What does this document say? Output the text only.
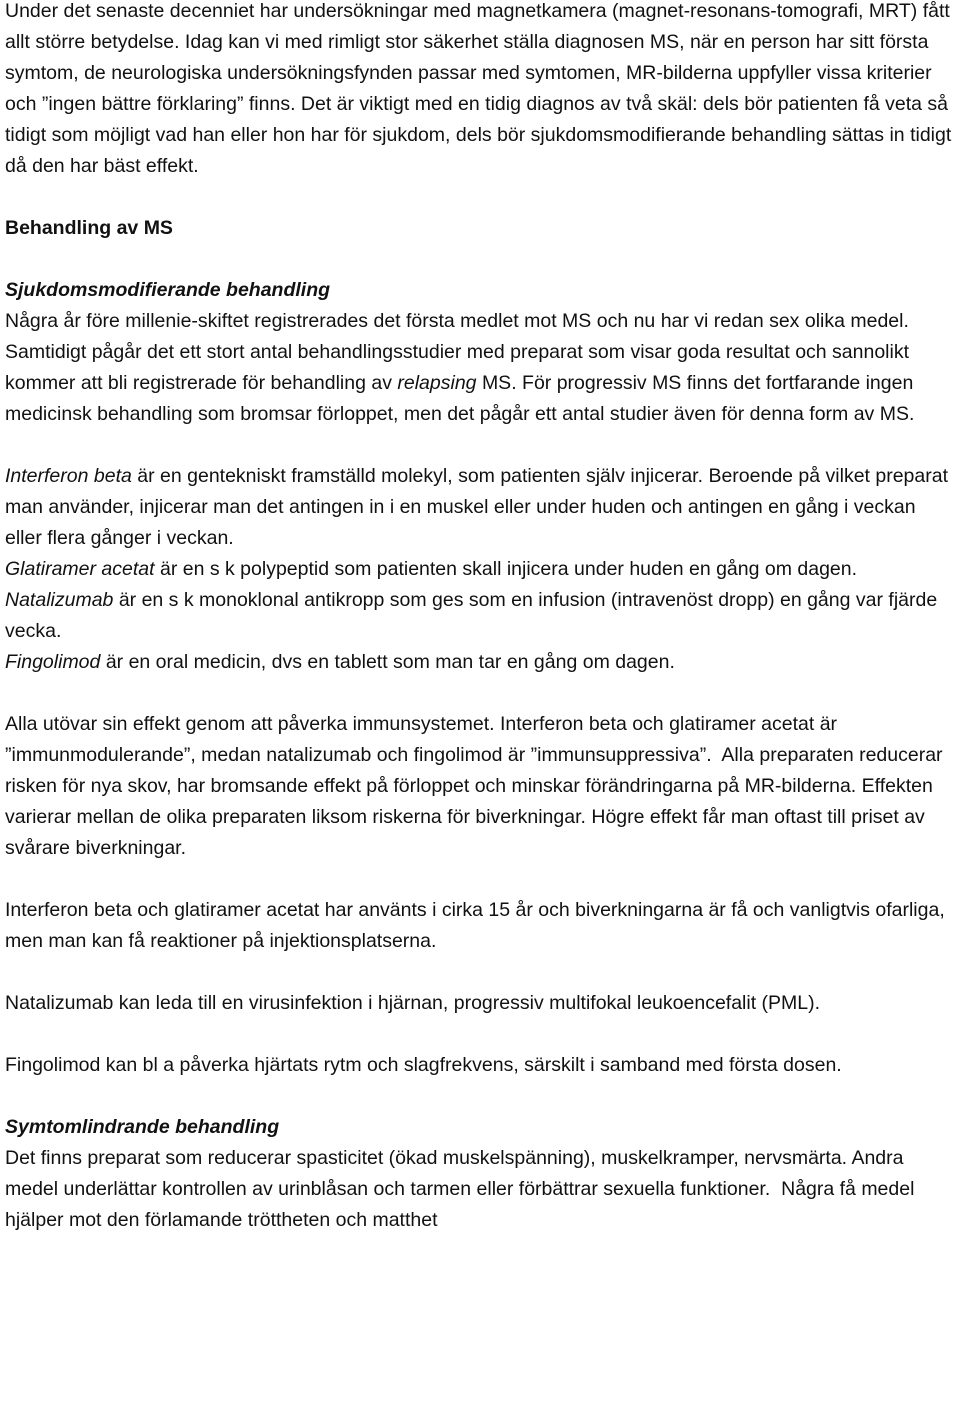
Under det senaste decenniet har undersökningar med magnetkamera (magnet-resonans-tomografi, MRT) fått allt större betydelse. Idag kan vi med rimligt stor säkerhet ställa diagnosen MS, när en person har sitt första symtom, de neurologiska undersökningsfynden passar med symtomen, MR-bilderna uppfyller vissa kriterier och ”ingen bättre förklaring” finns. Det är viktigt med en tidig diagnos av två skäl: dels bör patienten få veta så tidigt som möjligt vad han eller hon har för sjukdom, dels bör sjukdomsmodifierande behandling sättas in tidigt då den har bäst effekt.

Behandling av MS

Sjukdomsmodifierande behandling

Några år före millenie-skiftet registrerades det första medlet mot MS och nu har vi redan sex olika medel. Samtidigt pågår det ett stort antal behandlingsstudier med preparat som visar goda resultat och sannolikt kommer att bli registrerade för behandling av relapsing MS. För progressiv MS finns det fortfarande ingen medicinsk behandling som bromsar förloppet, men det pågår ett antal studier även för denna form av MS.

Interferon beta är en gentekniskt framställd molekyl, som patienten själv injicerar. Beroende på vilket preparat man använder, injicerar man det antingen in i en muskel eller under huden och antingen en gång i veckan eller flera gånger i veckan.

Glatiramer acetat är en s k polypeptid som patienten skall injicera under huden en gång om dagen.

Natalizumab är en s k monoklonal antikropp som ges som en infusion (intravenöst dropp) en gång var fjärde vecka.

Fingolimod är en oral medicin, dvs en tablett som man tar en gång om dagen.

Alla utövar sin effekt genom att påverka immunsystemet. Interferon beta och glatiramer acetat är ”immunmodulerande”, medan natalizumab och fingolimod är ”immunsuppressiva”. Alla preparaten reducerar risken för nya skov, har bromsande effekt på förloppet och minskar förändringarna på MR-bilderna. Effekten varierar mellan de olika preparaten liksom riskerna för biverkningar. Högre effekt får man oftast till priset av svårare biverkningar.

Interferon beta och glatiramer acetat har använts i cirka 15 år och biverkningarna är få och vanligtvis ofarliga, men man kan få reaktioner på injektionsplatserna.

Natalizumab kan leda till en virusinfektion i hjärnan, progressiv multifokal leukoencefalit (PML).

Fingolimod kan bl a påverka hjärtats rytm och slagfrekvens, särskilt i samband med första dosen.

Symtomlindrande behandling

Det finns preparat som reducerar spasticitet (ökad muskelspänning), muskelkramper, nervsmärta. Andra medel underlättar kontrollen av urinblåsan och tarmen eller förbättrar sexuella funktioner. Några få medel hjälper mot den förlamande tröttheten och matthet
